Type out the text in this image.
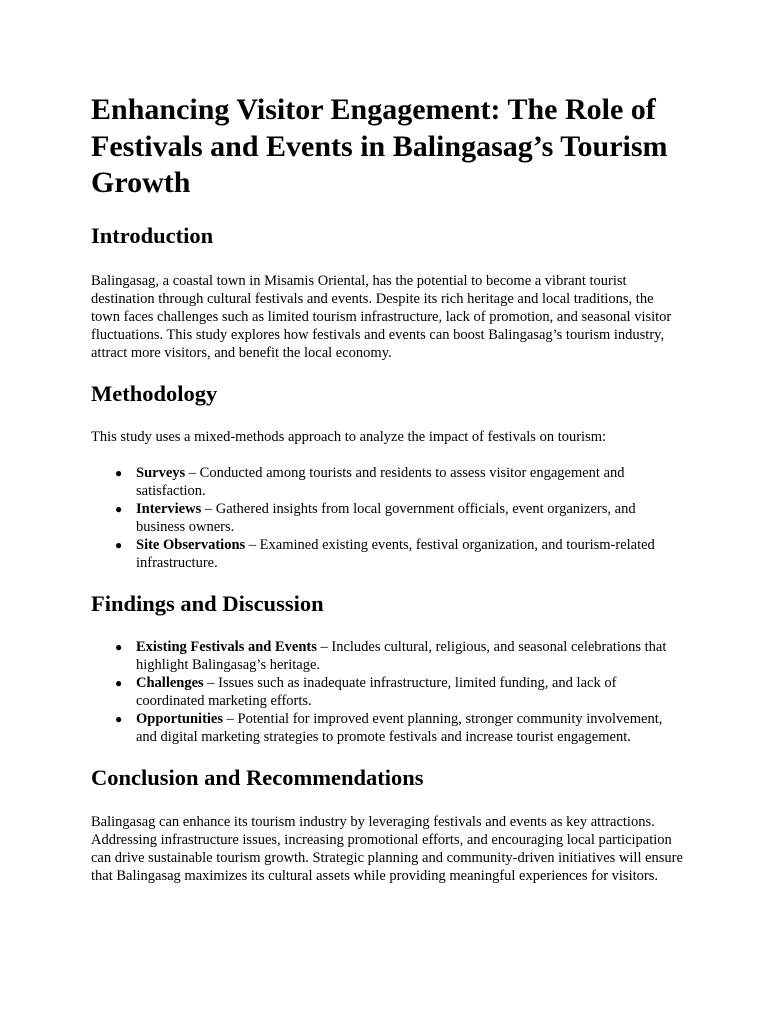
Enhancing Visitor Engagement: The Role of Festivals and Events in Balingasag’s Tourism Growth
Introduction

Balingasag, a coastal town in Misamis Oriental, has the potential to become a vibrant tourist destination through cultural festivals and events. Despite its rich heritage and local traditions, the town faces challenges such as limited tourism infrastructure, lack of promotion, and seasonal visitor fluctuations. This study explores how festivals and events can boost Balingasag’s tourism industry, attract more visitors, and benefit the local economy.

Methodology

This study uses a mixed-methods approach to analyze the impact of festivals on tourism:

● Surveys – Conducted among tourists and residents to assess visitor engagement and satisfaction.
● Interviews – Gathered insights from local government officials, event organizers, and business owners.
● Site Observations – Examined existing events, festival organization, and tourism-related infrastructure.
Findings and Discussion
● Existing Festivals and Events – Includes cultural, religious, and seasonal celebrations that highlight Balingasag’s heritage.
● Challenges – Issues such as inadequate infrastructure, limited funding, and lack of coordinated marketing efforts.
● Opportunities – Potential for improved event planning, stronger community involvement, and digital marketing strategies to promote festivals and increase tourist engagement.
Conclusion and Recommendations

Balingasag can enhance its tourism industry by leveraging festivals and events as key attractions. Addressing infrastructure issues, increasing promotional efforts, and encouraging local participation can drive sustainable tourism growth. Strategic planning and community-driven initiatives will ensure that Balingasag maximizes its cultural assets while providing meaningful experiences for visitors.
